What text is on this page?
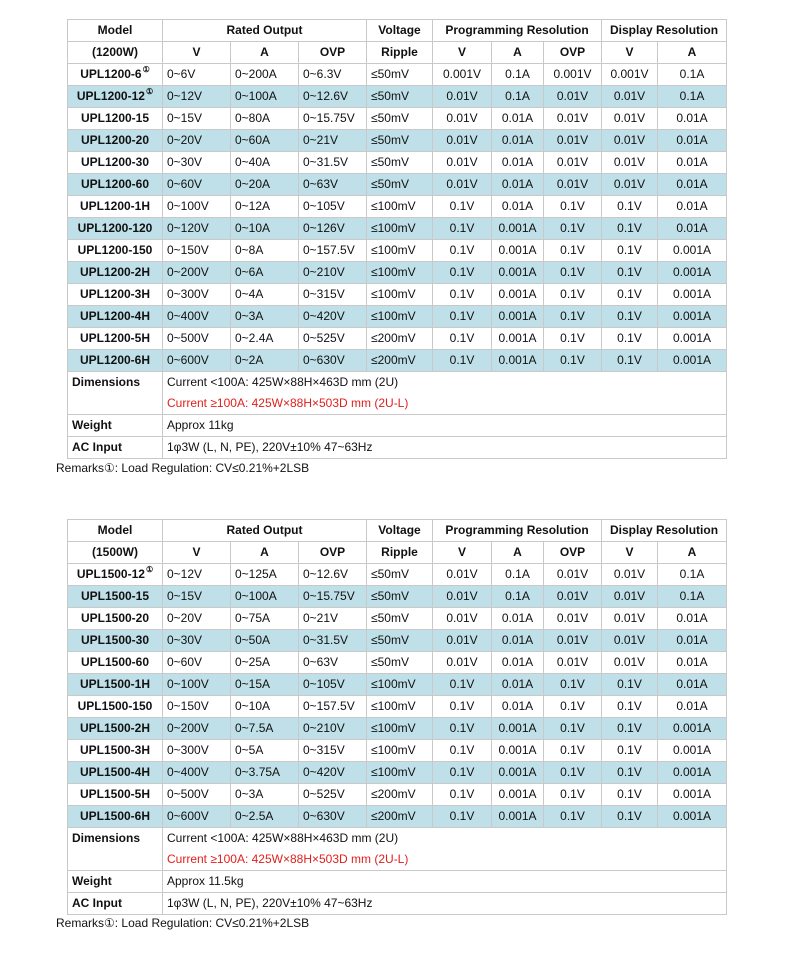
Model	Rated Output			Voltage	Programming Resolution			Display Resolution	
(1200W)	V	A	OVP	Ripple	V	A	OVP	V	A
UPL1200-6①	0~6V	0~200A	0~6.3V	≤50mV	0.001V	0.1A	0.001V	0.001V	0.1A
UPL1200-12①	0~12V	0~100A	0~12.6V	≤50mV	0.01V	0.1A	0.01V	0.01V	0.1A
UPL1200-15	0~15V	0~80A	0~15.75V	≤50mV	0.01V	0.01A	0.01V	0.01V	0.01A
UPL1200-20	0~20V	0~60A	0~21V	≤50mV	0.01V	0.01A	0.01V	0.01V	0.01A
UPL1200-30	0~30V	0~40A	0~31.5V	≤50mV	0.01V	0.01A	0.01V	0.01V	0.01A
UPL1200-60	0~60V	0~20A	0~63V	≤50mV	0.01V	0.01A	0.01V	0.01V	0.01A
UPL1200-1H	0~100V	0~12A	0~105V	≤100mV	0.1V	0.01A	0.1V	0.1V	0.01A
UPL1200-120	0~120V	0~10A	0~126V	≤100mV	0.1V	0.001A	0.1V	0.1V	0.01A
UPL1200-150	0~150V	0~8A	0~157.5V	≤100mV	0.1V	0.001A	0.1V	0.1V	0.001A
UPL1200-2H	0~200V	0~6A	0~210V	≤100mV	0.1V	0.001A	0.1V	0.1V	0.001A
UPL1200-3H	0~300V	0~4A	0~315V	≤100mV	0.1V	0.001A	0.1V	0.1V	0.001A
UPL1200-4H	0~400V	0~3A	0~420V	≤100mV	0.1V	0.001A	0.1V	0.1V	0.001A
UPL1200-5H	0~500V	0~2.4A	0~525V	≤200mV	0.1V	0.001A	0.1V	0.1V	0.001A
UPL1200-6H	0~600V	0~2A	0~630V	≤200mV	0.1V	0.001A	0.1V	0.1V	0.001A
Dimensions	Current <100A: 425W×88H×463D mm (2U)								
	Current ≥100A: 425W×88H×503D mm (2U-L)								
Weight	Approx 11kg								
AC Input	1φ3W (L, N, PE), 220V±10% 47~63Hz								
Remarks①: Load Regulation: CV≤0.21%+2LSB
Model	Rated Output			Voltage	Programming Resolution			Display Resolution	
(1500W)	V	A	OVP	Ripple	V	A	OVP	V	A
UPL1500-12①	0~12V	0~125A	0~12.6V	≤50mV	0.01V	0.1A	0.01V	0.01V	0.1A
UPL1500-15	0~15V	0~100A	0~15.75V	≤50mV	0.01V	0.1A	0.01V	0.01V	0.1A
UPL1500-20	0~20V	0~75A	0~21V	≤50mV	0.01V	0.01A	0.01V	0.01V	0.01A
UPL1500-30	0~30V	0~50A	0~31.5V	≤50mV	0.01V	0.01A	0.01V	0.01V	0.01A
UPL1500-60	0~60V	0~25A	0~63V	≤50mV	0.01V	0.01A	0.01V	0.01V	0.01A
UPL1500-1H	0~100V	0~15A	0~105V	≤100mV	0.1V	0.01A	0.1V	0.1V	0.01A
UPL1500-150	0~150V	0~10A	0~157.5V	≤100mV	0.1V	0.01A	0.1V	0.1V	0.01A
UPL1500-2H	0~200V	0~7.5A	0~210V	≤100mV	0.1V	0.001A	0.1V	0.1V	0.001A
UPL1500-3H	0~300V	0~5A	0~315V	≤100mV	0.1V	0.001A	0.1V	0.1V	0.001A
UPL1500-4H	0~400V	0~3.75A	0~420V	≤100mV	0.1V	0.001A	0.1V	0.1V	0.001A
UPL1500-5H	0~500V	0~3A	0~525V	≤200mV	0.1V	0.001A	0.1V	0.1V	0.001A
UPL1500-6H	0~600V	0~2.5A	0~630V	≤200mV	0.1V	0.001A	0.1V	0.1V	0.001A
Dimensions	Current <100A: 425W×88H×463D mm (2U)								
	Current ≥100A: 425W×88H×503D mm (2U-L)								
Weight	Approx 11.5kg								
AC Input	1φ3W (L, N, PE), 220V±10% 47~63Hz								
Remarks①: Load Regulation: CV≤0.21%+2LSB
